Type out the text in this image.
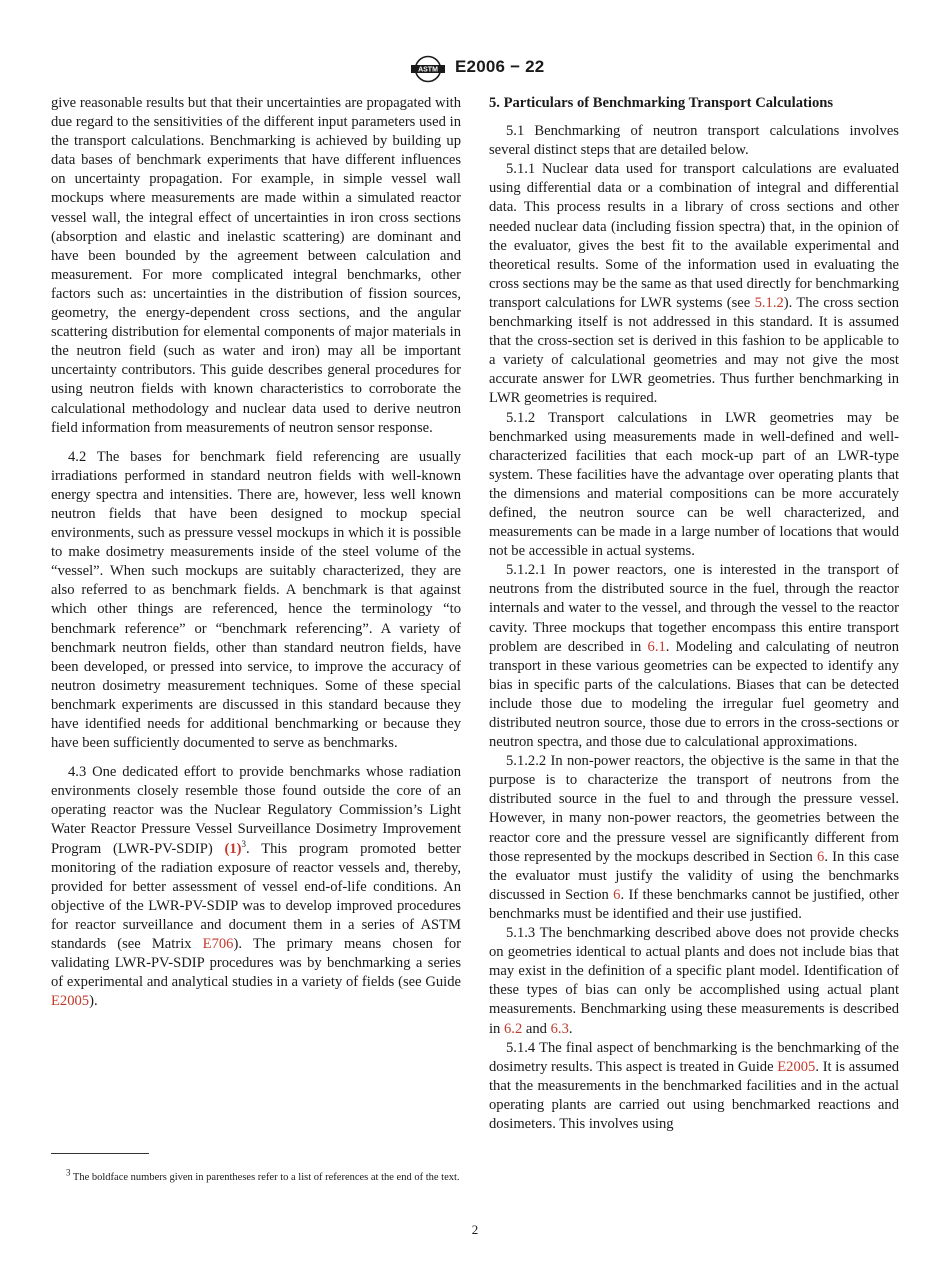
ASTM E2006 − 22

give reasonable results but that their uncertainties are propagated with due regard to the sensitivities of the different input parameters used in the transport calculations. Benchmarking is achieved by building up data bases of benchmark experiments that have different influences on uncertainty propagation. For example, in simple vessel wall mockups where measurements are made within a simulated reactor vessel wall, the integral effect of uncertainties in iron cross sections (absorption and elastic and inelastic scattering) are dominant and have been bounded by the agreement between calculation and measurement. For more complicated integral benchmarks, other factors such as: uncertainties in the distribution of fission sources, geometry, the energy-dependent cross sections, and the angular scattering distribution for elemental components of major materials in the neutron field (such as water and iron) may all be important uncertainty contributors. This guide describes general procedures for using neutron fields with known characteristics to corroborate the calculational methodology and nuclear data used to derive neutron field information from measurements of neutron sensor response.

4.2 The bases for benchmark field referencing are usually irradiations performed in standard neutron fields with well-known energy spectra and intensities. There are, however, less well known neutron fields that have been designed to mockup special environments, such as pressure vessel mockups in which it is possible to make dosimetry measurements inside of the steel volume of the “vessel”. When such mockups are suitably characterized, they are also referred to as benchmark fields. A benchmark is that against which other things are referenced, hence the terminology “to benchmark reference” or “benchmark referencing”. A variety of benchmark neutron fields, other than standard neutron fields, have been developed, or pressed into service, to improve the accuracy of neutron dosimetry measurement techniques. Some of these special benchmark experiments are discussed in this standard because they have identified needs for additional benchmarking or because they have been sufficiently documented to serve as benchmarks.

4.3 One dedicated effort to provide benchmarks whose radiation environments closely resemble those found outside the core of an operating reactor was the Nuclear Regulatory Commission’s Light Water Reactor Pressure Vessel Surveillance Dosimetry Improvement Program (LWR-PV-SDIP) $(1)^3$. This program promoted better monitoring of the radiation exposure of reactor vessels and, thereby, provided for better assessment of vessel end-of-life conditions. An objective of the LWR-PV-SDIP was to develop improved procedures for reactor surveillance and document them in a series of ASTM standards (see Matrix E706). The primary means chosen for validating LWR-PV-SDIP procedures was by benchmarking a series of experimental and analytical studies in a variety of fields (see Guide E2005).

5. Particulars of Benchmarking Transport Calculations

5.1 Benchmarking of neutron transport calculations involves several distinct steps that are detailed below.

5.1.1 Nuclear data used for transport calculations are evaluated using differential data or a combination of integral and differential data. This process results in a library of cross sections and other needed nuclear data (including fission spectra) that, in the opinion of the evaluator, gives the best fit to the available experimental and theoretical results. Some of the information used in evaluating the cross sections may be the same as that used directly for benchmarking transport calculations for LWR systems (see 5.1.2). The cross section benchmarking itself is not addressed in this standard. It is assumed that the cross-section set is derived in this fashion to be applicable to a variety of calculational geometries and may not give the most accurate answer for LWR geometries. Thus further benchmarking in LWR geometries is required.

5.1.2 Transport calculations in LWR geometries may be benchmarked using measurements made in well-defined and well-characterized facilities that each mock-up part of an LWR-type system. These facilities have the advantage over operating plants that the dimensions and material compositions can be more accurately defined, the neutron source can be well characterized, and measurements can be made in a large number of locations that would not be accessible in actual systems.

5.1.2.1 In power reactors, one is interested in the transport of neutrons from the distributed source in the fuel, through the reactor internals and water to the vessel, and through the vessel to the reactor cavity. Three mockups that together encompass this entire transport problem are described in 6.1. Modeling and calculating of neutron transport in these various geometries can be expected to identify any bias in specific parts of the calculations. Biases that can be detected include those due to modeling the irregular fuel geometry and distributed neutron source, those due to errors in the cross-sections or neutron spectra, and those due to calculational approximations.

5.1.2.2 In non-power reactors, the objective is the same in that the purpose is to characterize the transport of neutrons from the distributed source in the fuel to and through the pressure vessel. However, in many non-power reactors, the geometries between the reactor core and the pressure vessel are significantly different from those represented by the mockups described in Section 6. In this case the evaluator must justify the validity of using the benchmarks discussed in Section 6. If these benchmarks cannot be justified, other benchmarks must be identified and their use justified.

5.1.3 The benchmarking described above does not provide checks on geometries identical to actual plants and does not include bias that may exist in the definition of a specific plant model. Identification of these types of bias can only be accomplished using actual plant measurements. Benchmarking using these measurements is described in 6.2 and 6.3.

5.1.4 The final aspect of benchmarking is the benchmarking of the dosimetry results. This aspect is treated in Guide E2005. It is assumed that the measurements in the benchmarked facilities and in the actual operating plants are carried out using benchmarked reactions and dosimeters. This involves using

$^3$ The boldface numbers given in parentheses refer to a list of references at the end of the text.

2
